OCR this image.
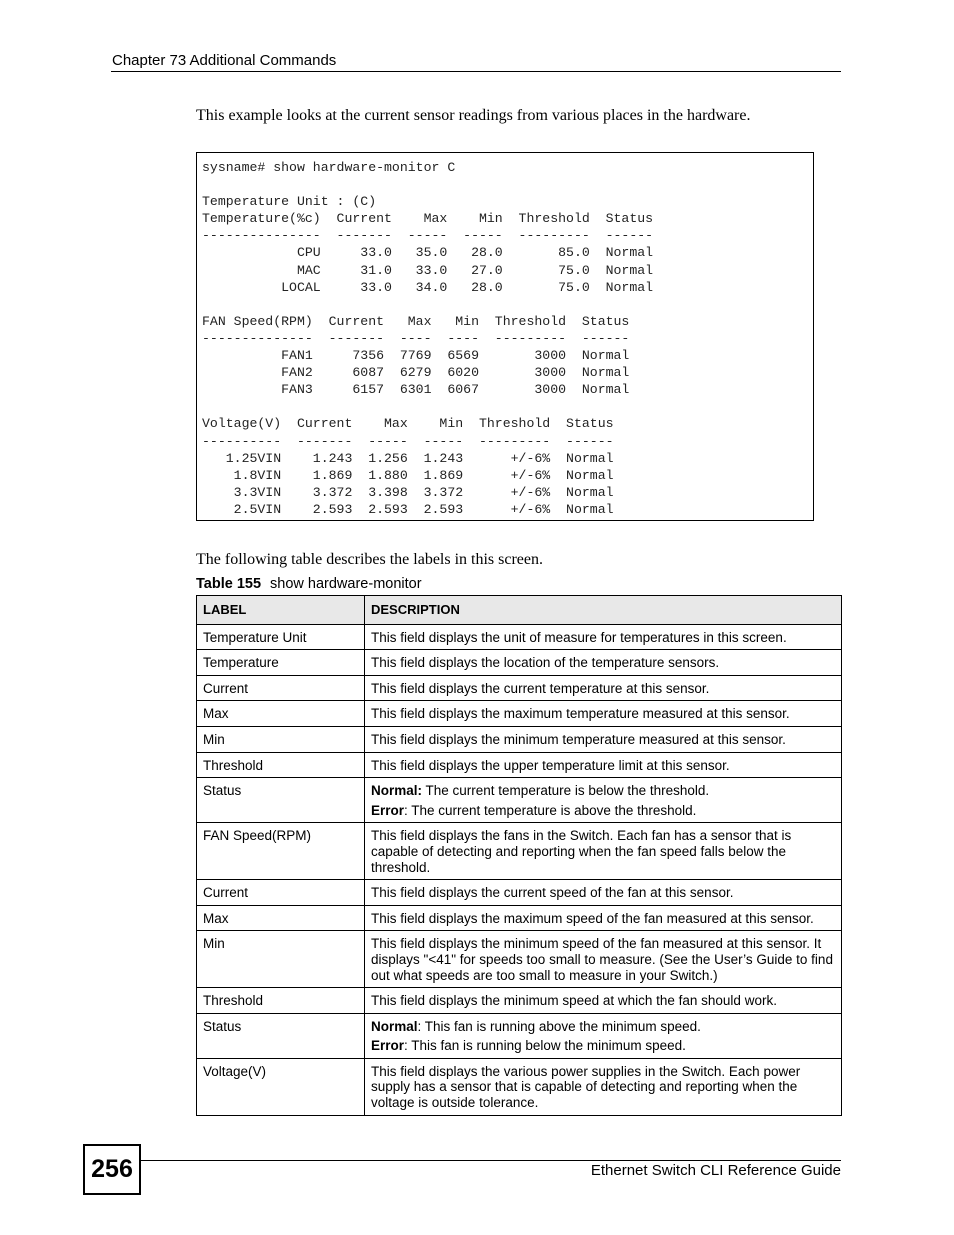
Chapter 73 Additional Commands
This example looks at the current sensor readings from various places in the hardware.
sysname# show hardware-monitor C

Temperature Unit : (C)
Temperature(%c)  Current    Max    Min  Threshold  Status
---------------  -------  -----  -----  ---------  ------
CPU     33.0   35.0   28.0       85.0  Normal
MAC     31.0   33.0   27.0       75.0  Normal
LOCAL     33.0   34.0   28.0       75.0  Normal

FAN Speed(RPM)  Current   Max   Min  Threshold  Status
--------------  -------  ----  ----  ---------  ------
FAN1     7356  7769  6569       3000  Normal
FAN2     6087  6279  6020       3000  Normal
FAN3     6157  6301  6067       3000  Normal

Voltage(V)  Current    Max    Min  Threshold  Status
----------  -------  -----  -----  ---------  ------
1.25VIN    1.243  1.256  1.243      +/-6%  Normal
1.8VIN    1.869  1.880  1.869      +/-6%  Normal
3.3VIN    3.372  3.398  3.372      +/-6%  Normal
2.5VIN    2.593  2.593  2.593      +/-6%  Normal
The following table describes the labels in this screen.
Table 155 show hardware-monitor
LABEL	DESCRIPTION
Temperature Unit	This field displays the unit of measure for temperatures in this screen.

Temperature	This field displays the location of the temperature sensors.

Current	This field displays the current temperature at this sensor.

Max	This field displays the maximum temperature measured at this sensor.

Min	This field displays the minimum temperature measured at this sensor.

Threshold	This field displays the upper temperature limit at this sensor.

Status	Normal: The current temperature is below the threshold.
Error: The current temperature is above the threshold.

FAN Speed(RPM)	This field displays the fans in the Switch. Each fan has a sensor that is capable of detecting and reporting when the fan speed falls below the threshold.

Current	This field displays the current speed of the fan at this sensor.

Max	This field displays the maximum speed of the fan measured at this sensor.

Min	This field displays the minimum speed of the fan measured at this sensor. It displays "<41" for speeds too small to measure. (See the User’s Guide to find out what speeds are too small to measure in your Switch.)

Threshold	This field displays the minimum speed at which the fan should work.

Status	Normal: This fan is running above the minimum speed.
Error: This fan is running below the minimum speed.

Voltage(V)	This field displays the various power supplies in the Switch. Each power supply has a sensor that is capable of detecting and reporting when the voltage is outside tolerance.
256	Ethernet Switch CLI Reference Guide
